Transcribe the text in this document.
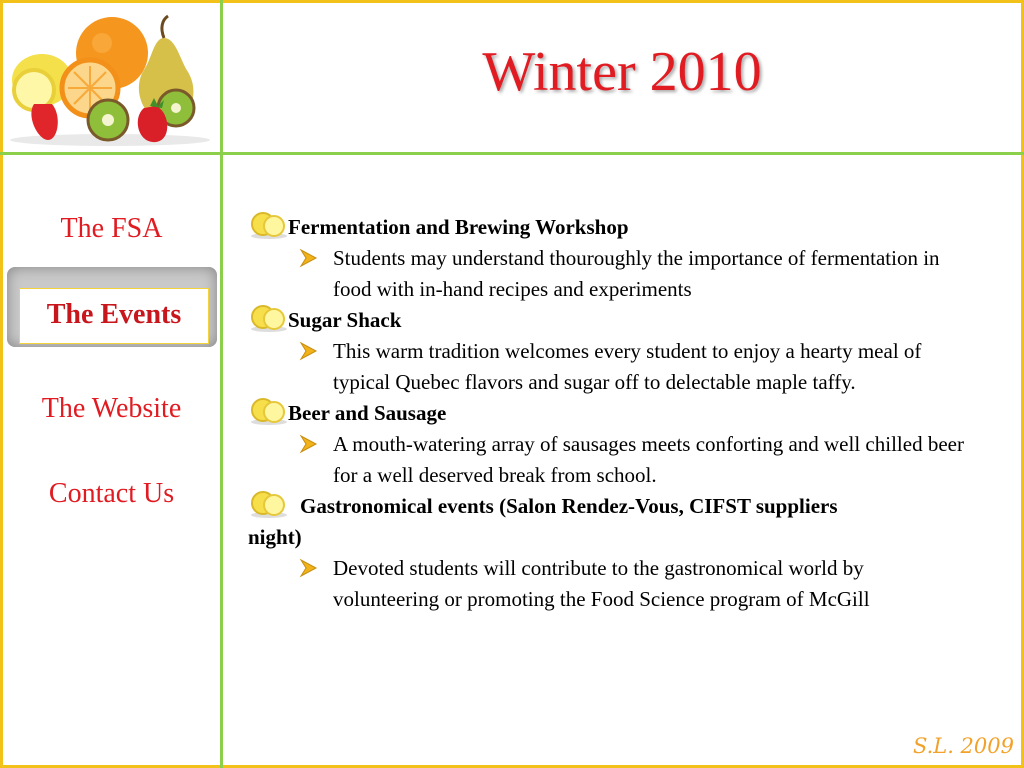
Winter 2010
The FSA
The Events
The Website
Contact Us
Fermentation and Brewing Workshop
Students may understand thouroughly the importance of fermentation in food with in-hand recipes and experiments
Sugar Shack
This warm tradition welcomes every student to enjoy a hearty meal of typical Quebec flavors and sugar off to delectable maple taffy.
Beer and Sausage
A mouth-watering array of sausages meets conforting and well chilled beer for a well deserved break from school.
Gastronomical events (Salon Rendez-Vous, CIFST suppliers
night)
Devoted students will contribute to the gastronomical world by volunteering or promoting the Food Science program of McGill
S.L. 2009
